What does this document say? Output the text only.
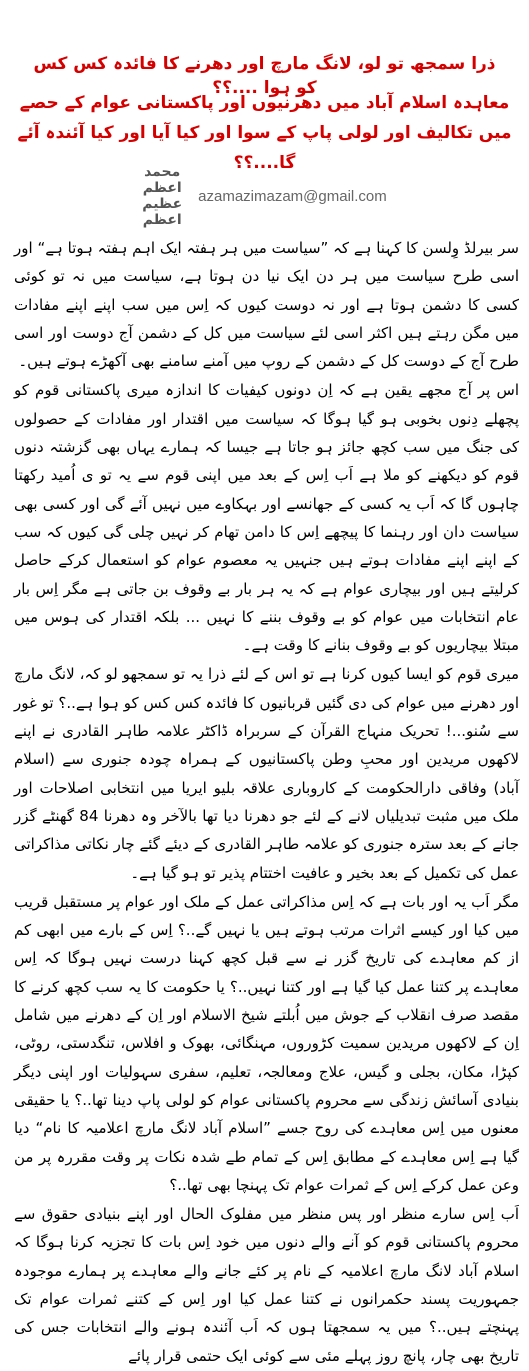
ذرا سمجھ تو لو، لانگ مارچ اور دھرنے کا فائدہ کس کس کو ہوا ....؟؟
معاہدہ اسلام آباد میں دھرنیوں اور پاکستانی عوام کے حصے میں تکالیف اور لولی پاپ کے سوا اور کیا آیا اور کیا آئندہ آئے گا....؟؟
محمد اعظم عظیم اعظم
azamazimazam@gmail.com

سر بیرلڈ وِلسن کا کہنا ہے کہ ”سیاست میں ہر ہفتہ ایک اہم ہفتہ ہوتا ہے“ اور اسی طرح سیاست میں ہر دن ایک نیا دن ہوتا ہے، سیاست میں نہ تو کوئی کسی کا دشمن ہوتا ہے اور نہ دوست کیوں کہ اِس میں سب اپنے اپنے مفادات میں مگن رہتے ہیں اکثر اسی لئے سیاست میں کل کے دشمن آج دوست اور اسی طرح آج کے دوست کل کے دشمن کے روپ میں آمنے سامنے بھی آکھڑے ہوتے ہیں۔

اس پر آج مجھے یقین ہے کہ اِن دونوں کیفیات کا اندازہ میری پاکستانی قوم کو پچھلے دِنوں بخوبی ہو گیا ہوگا کہ سیاست میں اقتدار اور مفادات کے حصولوں کی جنگ میں سب کچھ جائز ہو جاتا ہے جیسا کہ ہمارے یہاں بھی گزشتہ دنوں قوم کو دیکھنے کو ملا ہے اَب اِس کے بعد میں اپنی قوم سے یہ تو ی اُمید رکھتا چاہوں گا کہ اَب یہ کسی کے جھانسے اور بہکاوے میں نہیں آئے گی اور کسی بھی سیاست دان اور رہنما کا پیچھے اِس کا دامن تھام کر نہیں چلی گی کیوں کہ سب کے اپنے اپنے مفادات ہوتے ہیں جنہیں یہ معصوم عوام کو استعمال کرکے حاصل کرلیتے ہیں اور بیچاری عوام ہے کہ یہ ہر بار بے وقوف بن جاتی ہے مگر اِس بار عام انتخابات میں عوام کو بے وقوف بننے کا نہیں ... بلکہ اقتدار کی ہوس میں مبتلا بیچاریوں کو بے وقوف بنانے کا وقت ہے۔

میری قوم کو ایسا کیوں کرنا ہے تو اس کے لئے ذرا یہ تو سمجھو لو کہ، لانگ مارچ اور دھرنے میں عوام کی دی گئیں قربانیوں کا فائدہ کس کس کو ہوا ہے..؟ تو غور سے سُنو...! تحریک منہاج القرآن کے سربراہ ڈاکٹر علامہ طاہر القادری نے اپنے لاکھوں مریدین اور محبِ وطن پاکستانیوں کے ہمراہ چودہ جنوری سے (اسلام آباد) وفاقی دارالحکومت کے کاروباری علاقہ بلیو ایریا میں انتخابی اصلاحات اور ملک میں مثبت تبدیلیاں لانے کے لئے جو دھرنا دیا تھا بالآخر وہ دھرنا 84 گھنٹے گزر جانے کے بعد سترہ جنوری کو علامہ طاہر القادری کے دیئے گئے چار نکاتی مذاکراتی عمل کی تکمیل کے بعد بخیر و عافیت اختتام پذیر تو ہو گیا ہے۔

مگر اَب یہ اور بات ہے کہ اِس مذاکراتی عمل کے ملک اور عوام پر مستقبل قریب میں کیا اور کیسے اثرات مرتب ہوتے ہیں یا نہیں گے..؟ اِس کے بارے میں ابھی کم از کم معاہدے کی تاریخ گزر نے سے قبل کچھ کہنا درست نہیں ہوگا کہ اِس معاہدے پر کتنا عمل کیا گیا ہے اور کتنا نہیں..؟ یا حکومت کا یہ سب کچھ کرنے کا مقصد صرف انقلاب کے جوش میں اُبلتے شیخ الاسلام اور اِن کے دھرنے میں شامل اِن کے لاکھوں مریدین سمیت کڑوروں، مہنگائی، بھوک و افلاس، تنگدستی، روٹی، کپڑا، مکان، بجلی و گیس، علاج ومعالجہ، تعلیم، سفری سہولیات اور اپنی دیگر بنیادی آسائش زندگی سے محروم پاکستانی عوام کو لولی پاپ دینا تھا..؟ یا حقیقی معنوں میں اِس معاہدے کی روح جسے ”اسلام آباد لانگ مارچ اعلامیہ کا نام“ دیا گیا ہے اِس معاہدے کے مطابق اِس کے تمام طے شدہ نکات پر وقت مقررہ پر من وعن عمل کرکے اِس کے ثمرات عوام تک پہنچا بھی تھا..؟

اَب اِس سارے منظر اور پس منظر میں مفلوک الحال اور اپنے بنیادی حقوق سے محروم پاکستانی قوم کو آنے والے دنوں میں خود اِس بات کا تجزیہ کرنا ہوگا کہ اسلام آباد لانگ مارچ اعلامیہ کے نام پر کئے جانے والے معاہدے پر ہمارے موجودہ جمہوریت پسند حکمرانوں نے کتنا عمل کیا اور اِس کے کتنے ثمرات عوام تک پہنچتے ہیں..؟ میں یہ سمجھتا ہوں کہ اَب آئندہ ہونے والے انتخابات جس کی تاریخ بھی چار، پانچ روز پہلے مئی سے کوئی ایک حتمی قرار پائے
